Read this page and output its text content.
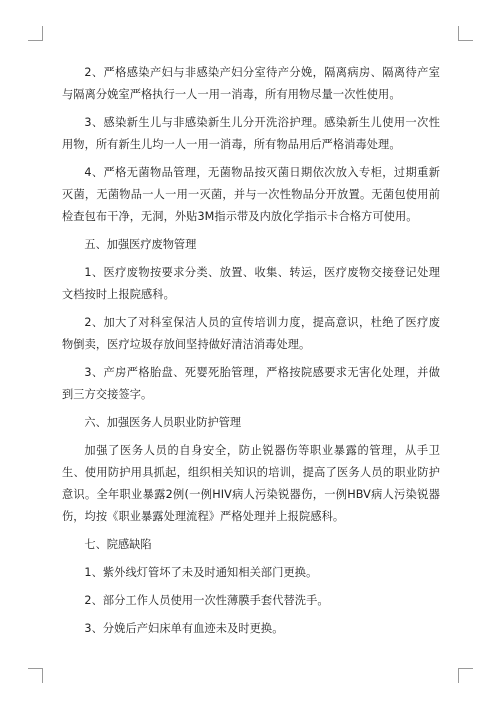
2、严格感染产妇与非感染产妇分室待产分娩，隔离病房、隔离待产室与隔离分娩室严格执行一人一用一消毒，所有用物尽量一次性使用。

3、感染新生儿与非感染新生儿分开洗浴护理。感染新生儿使用一次性用物，所有新生儿均一人一用一消毒，所有物品用后严格消毒处理。

4、严格无菌物品管理，无菌物品按灭菌日期依次放入专柜，过期重新灭菌，无菌物品一人一用一灭菌，并与一次性物品分开放置。无菌包使用前检查包布干净，无洞，外贴3M指示带及内放化学指示卡合格方可使用。

五、加强医疗废物管理

1、医疗废物按要求分类、放置、收集、转运，医疗废物交接登记处理文档按时上报院感科。

2、加大了对科室保洁人员的宣传培训力度，提高意识，杜绝了医疗废物倒卖，医疗垃圾存放间坚持做好清洁消毒处理。

3、产房严格胎盘、死婴死胎管理，严格按院感要求无害化处理，并做到三方交接签字。

六、加强医务人员职业防护管理

加强了医务人员的自身安全，防止锐器伤等职业暴露的管理，从手卫生、使用防护用具抓起，组织相关知识的培训，提高了医务人员的职业防护意识。全年职业暴露2例(一例HIV病人污染锐器伤，一例HBV病人污染锐器伤，均按《职业暴露处理流程》严格处理并上报院感科。

七、院感缺陷

1、紫外线灯管坏了未及时通知相关部门更换。

2、部分工作人员使用一次性薄膜手套代替洗手。

3、分娩后产妇床单有血迹未及时更换。
